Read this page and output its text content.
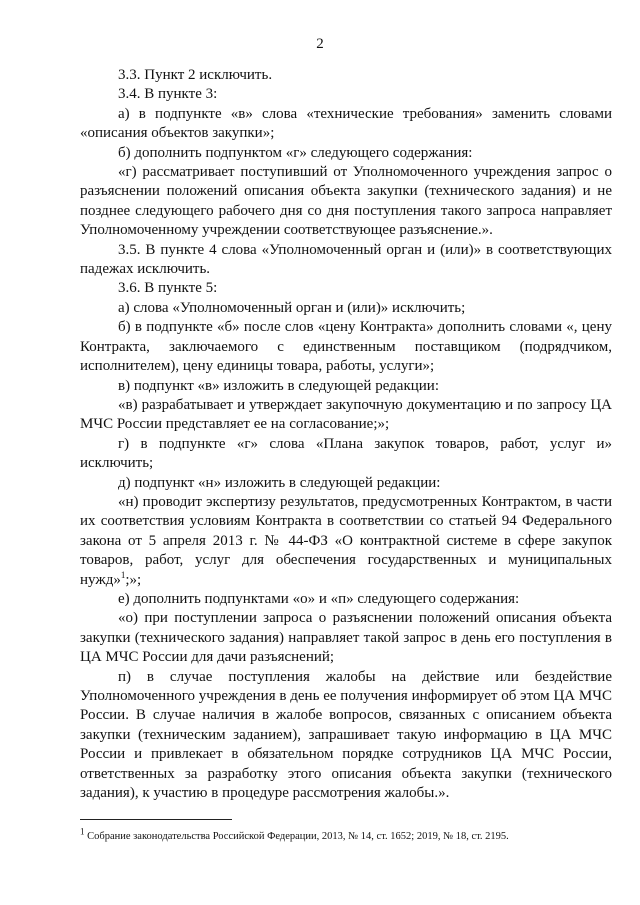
2

3.3. Пункт 2 исключить.

3.4. В пункте 3:

а) в подпункте «в» слова «технические требования» заменить словами «описания объектов закупки»;

б) дополнить подпунктом «г» следующего содержания:

«г) рассматривает поступивший от Уполномоченного учреждения запрос о разъяснении положений описания объекта закупки (технического задания) и не позднее следующего рабочего дня со дня поступления такого запроса направляет Уполномоченному учреждении соответствующее разъяснение.».

3.5. В пункте 4 слова «Уполномоченный орган и (или)» в соответствующих падежах исключить.

3.6. В пункте 5:

а) слова «Уполномоченный орган и (или)» исключить;

б) в подпункте «б» после слов «цену Контракта» дополнить словами «, цену Контракта, заключаемого с единственным поставщиком (подрядчиком, исполнителем), цену единицы товара, работы, услуги»;

в) подпункт «в» изложить в следующей редакции:

«в) разрабатывает и утверждает закупочную документацию и по запросу ЦА МЧС России представляет ее на согласование;»;

г) в подпункте «г» слова «Плана закупок товаров, работ, услуг и» исключить;

д) подпункт «н» изложить в следующей редакции:

«н) проводит экспертизу результатов, предусмотренных Контрактом, в части их соответствия условиям Контракта в соответствии со статьей 94 Федерального закона от 5 апреля 2013 г. № 44-ФЗ «О контрактной системе в сфере закупок товаров, работ, услуг для обеспечения государственных и муниципальных нужд»$^1$;»;

е) дополнить подпунктами «о» и «п» следующего содержания:

«о) при поступлении запроса о разъяснении положений описания объекта закупки (технического задания) направляет такой запрос в день его поступления в ЦА МЧС России для дачи разъяснений;

п) в случае поступления жалобы на действие или бездействие Уполномоченного учреждения в день ее получения информирует об этом ЦА МЧС России. В случае наличия в жалобе вопросов, связанных с описанием объекта закупки (техническим заданием), запрашивает такую информацию в ЦА МЧС России и привлекает в обязательном порядке сотрудников ЦА МЧС России, ответственных за разработку этого описания объекта закупки (технического задания), к участию в процедуре рассмотрения жалобы.».

$^1$ Собрание законодательства Российской Федерации, 2013, № 14, ст. 1652; 2019, № 18, ст. 2195.
